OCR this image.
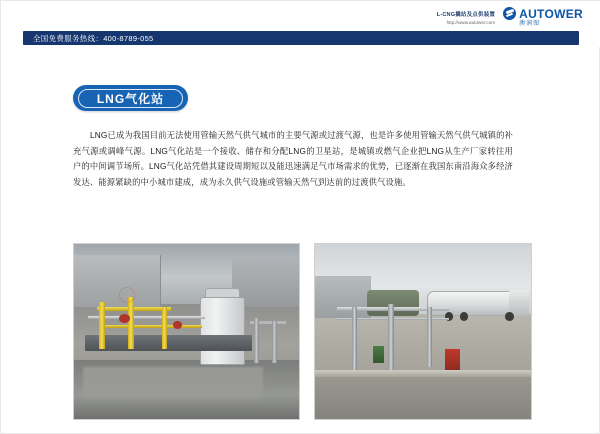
L-CNG撬站及点供装置
http://www.autower.com
AUTOWER
澳润图
全国免费服务热线：400-8789-055
LNG气化站
LNG已成为我国目前无法使用管输天然气供气城市的主要气源或过渡气源，也是许多使用管输天然气供气城镇的补充气源或调峰气源。LNG气化站是一个接收、储存和分配LNG的卫星站，是城镇或燃气企业把LNG从生产厂家转往用户的中间调节场所。LNG气化站凭借其建设周期短以及能迅速满足气市场需求的优势，已逐渐在我国东南沿海众多经济发达、能源紧缺的中小城市建成，成为永久供气设施或管输天然气到达前的过渡供气设施。
